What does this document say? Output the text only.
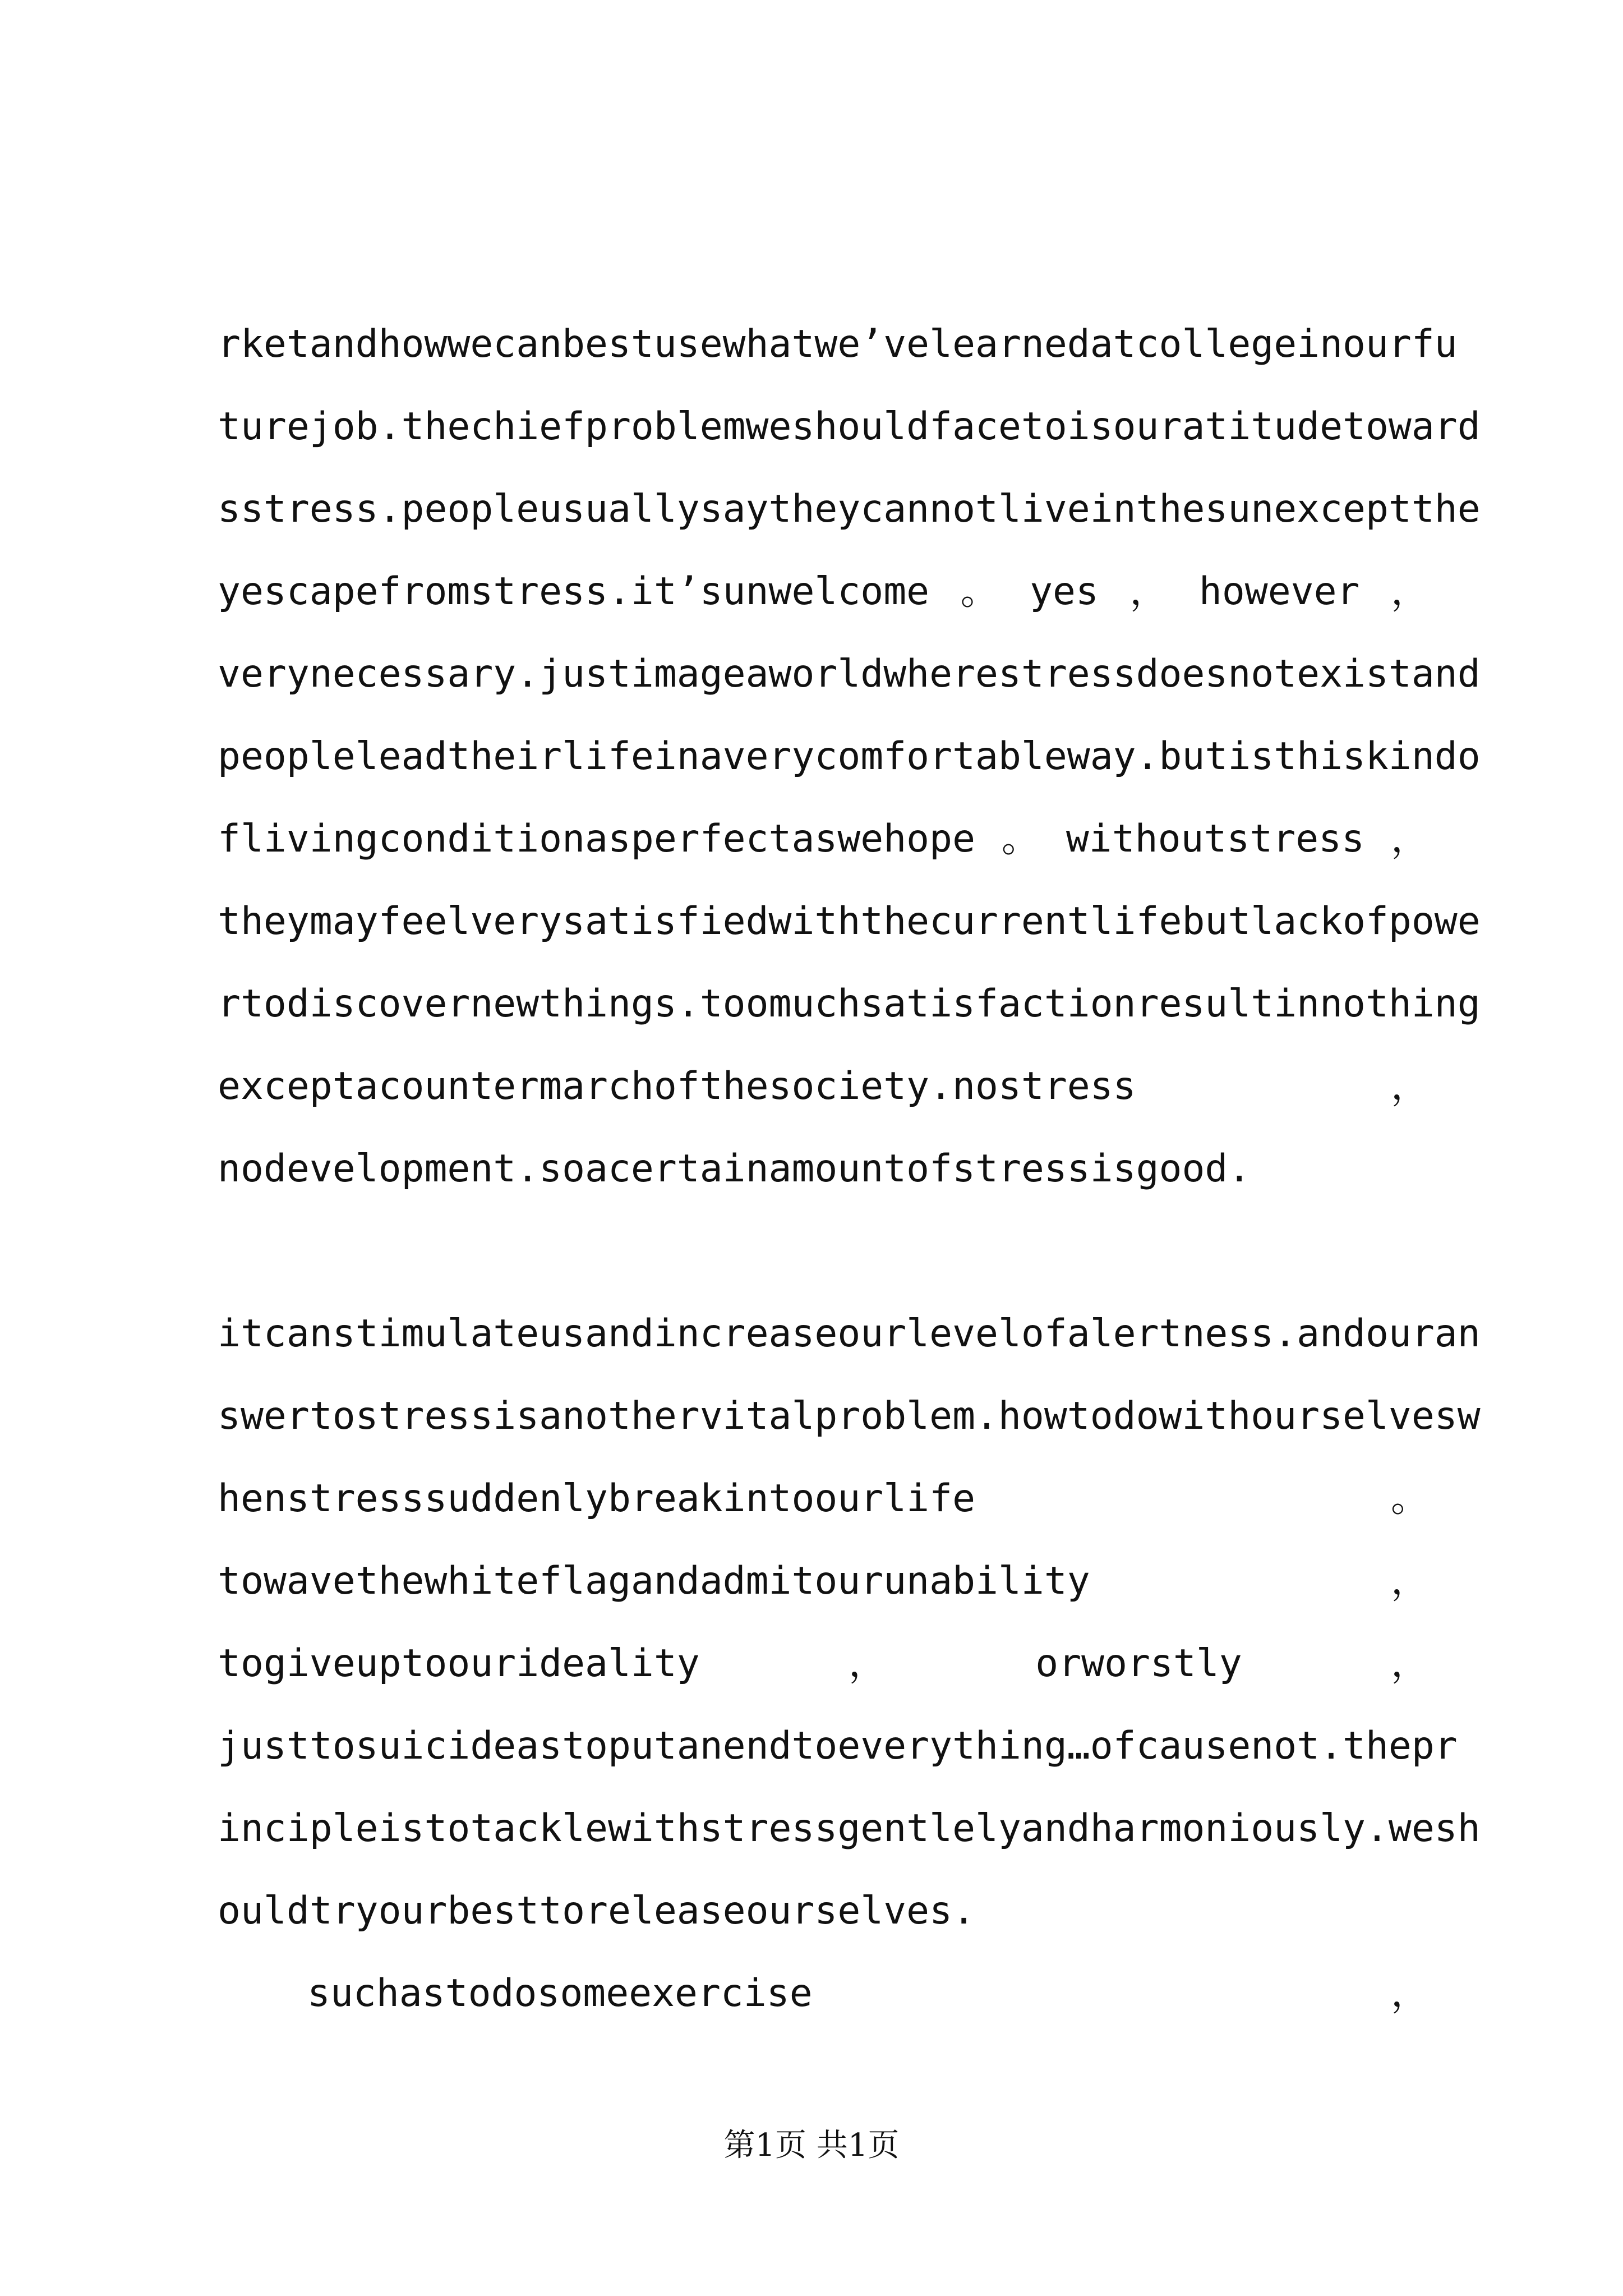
rketandhowwecanbestusewhatwe’velearnedatcollegeinourfu
turejob.thechiefproblemweshouldfacetoisouratitudetoward
sstress.peopleusuallysaytheycannotliveinthesunexceptthe
yescapefromstress.it’sunwelcome 。 yes ， however ，
verynecessary.justimageaworldwherestressdoesnotexistand
peopleleadtheirlifeinaverycomfortableway.butisthiskindo
flivingconditionasperfectaswehope 。 withoutstress ，
theymayfeelverysatisfiedwiththecurrentlifebutlackofpowe
rtodiscovernewthings.toomuchsatisfactionresultinnothing
exceptacountermarchofthesociety.nostress	，
nodevelopment.soacertainamountofstressisgood.
itcanstimulateusandincreaseourlevelofalertness.andouran
swertostressisanothervitalproblem.howtodowithourselvesw
henstresssuddenlybreakintoourlife	。
towavethewhiteflagandadmitourunability	，
togiveuptoourideality	，	orworstly	，
justtosuicideastoputanendtoeverything…ofcausenot.thepr
incipleistotacklewithstressgentlelyandharmoniously.wesh
ouldtryourbesttoreleaseourselves.
suchastodosomeexercise	，
第1页 共1页
